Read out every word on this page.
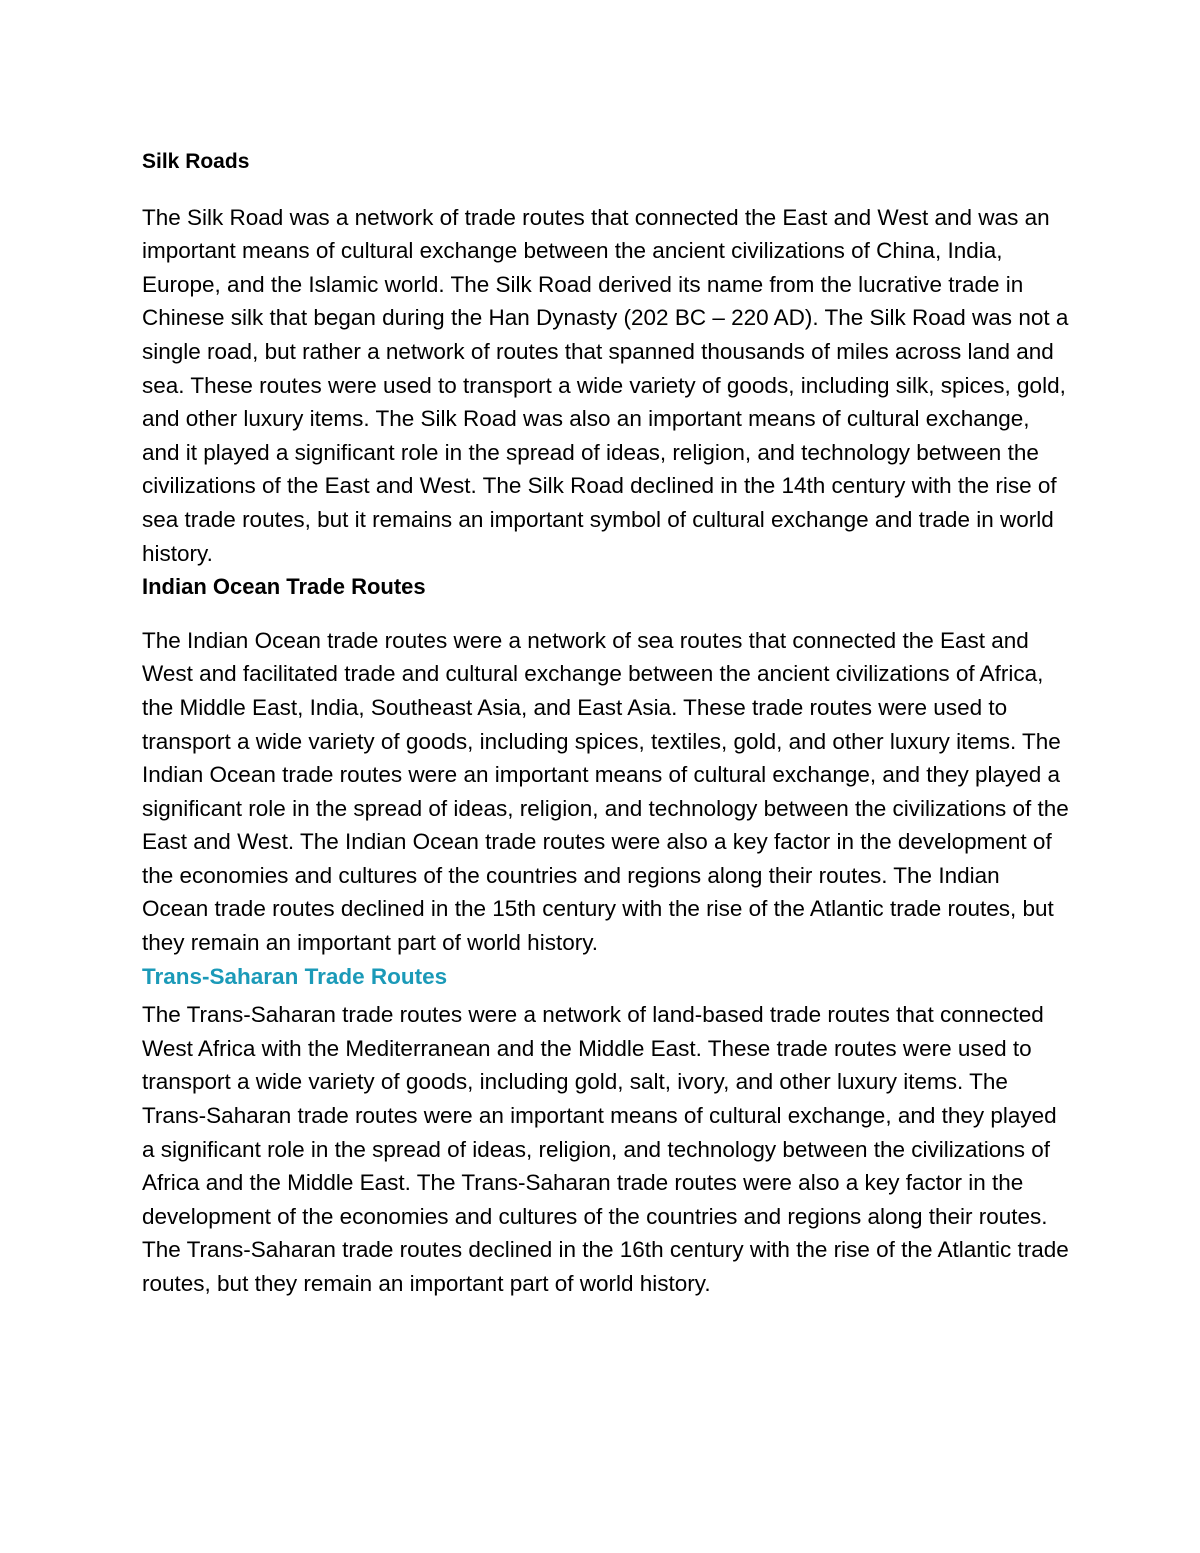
Silk Roads

The Silk Road was a network of trade routes that connected the East and West and was an important means of cultural exchange between the ancient civilizations of China, India, Europe, and the Islamic world. The Silk Road derived its name from the lucrative trade in Chinese silk that began during the Han Dynasty (202 BC – 220 AD). The Silk Road was not a single road, but rather a network of routes that spanned thousands of miles across land and sea. These routes were used to transport a wide variety of goods, including silk, spices, gold, and other luxury items. The Silk Road was also an important means of cultural exchange, and it played a significant role in the spread of ideas, religion, and technology between the civilizations of the East and West. The Silk Road declined in the 14th century with the rise of sea trade routes, but it remains an important symbol of cultural exchange and trade in world history.

Indian Ocean Trade Routes

The Indian Ocean trade routes were a network of sea routes that connected the East and West and facilitated trade and cultural exchange between the ancient civilizations of Africa, the Middle East, India, Southeast Asia, and East Asia. These trade routes were used to transport a wide variety of goods, including spices, textiles, gold, and other luxury items. The Indian Ocean trade routes were an important means of cultural exchange, and they played a significant role in the spread of ideas, religion, and technology between the civilizations of the East and West. The Indian Ocean trade routes were also a key factor in the development of the economies and cultures of the countries and regions along their routes. The Indian Ocean trade routes declined in the 15th century with the rise of the Atlantic trade routes, but they remain an important part of world history.

Trans-Saharan Trade Routes

The Trans-Saharan trade routes were a network of land-based trade routes that connected West Africa with the Mediterranean and the Middle East. These trade routes were used to transport a wide variety of goods, including gold, salt, ivory, and other luxury items. The Trans-Saharan trade routes were an important means of cultural exchange, and they played a significant role in the spread of ideas, religion, and technology between the civilizations of Africa and the Middle East. The Trans-Saharan trade routes were also a key factor in the development of the economies and cultures of the countries and regions along their routes. The Trans-Saharan trade routes declined in the 16th century with the rise of the Atlantic trade routes, but they remain an important part of world history.
